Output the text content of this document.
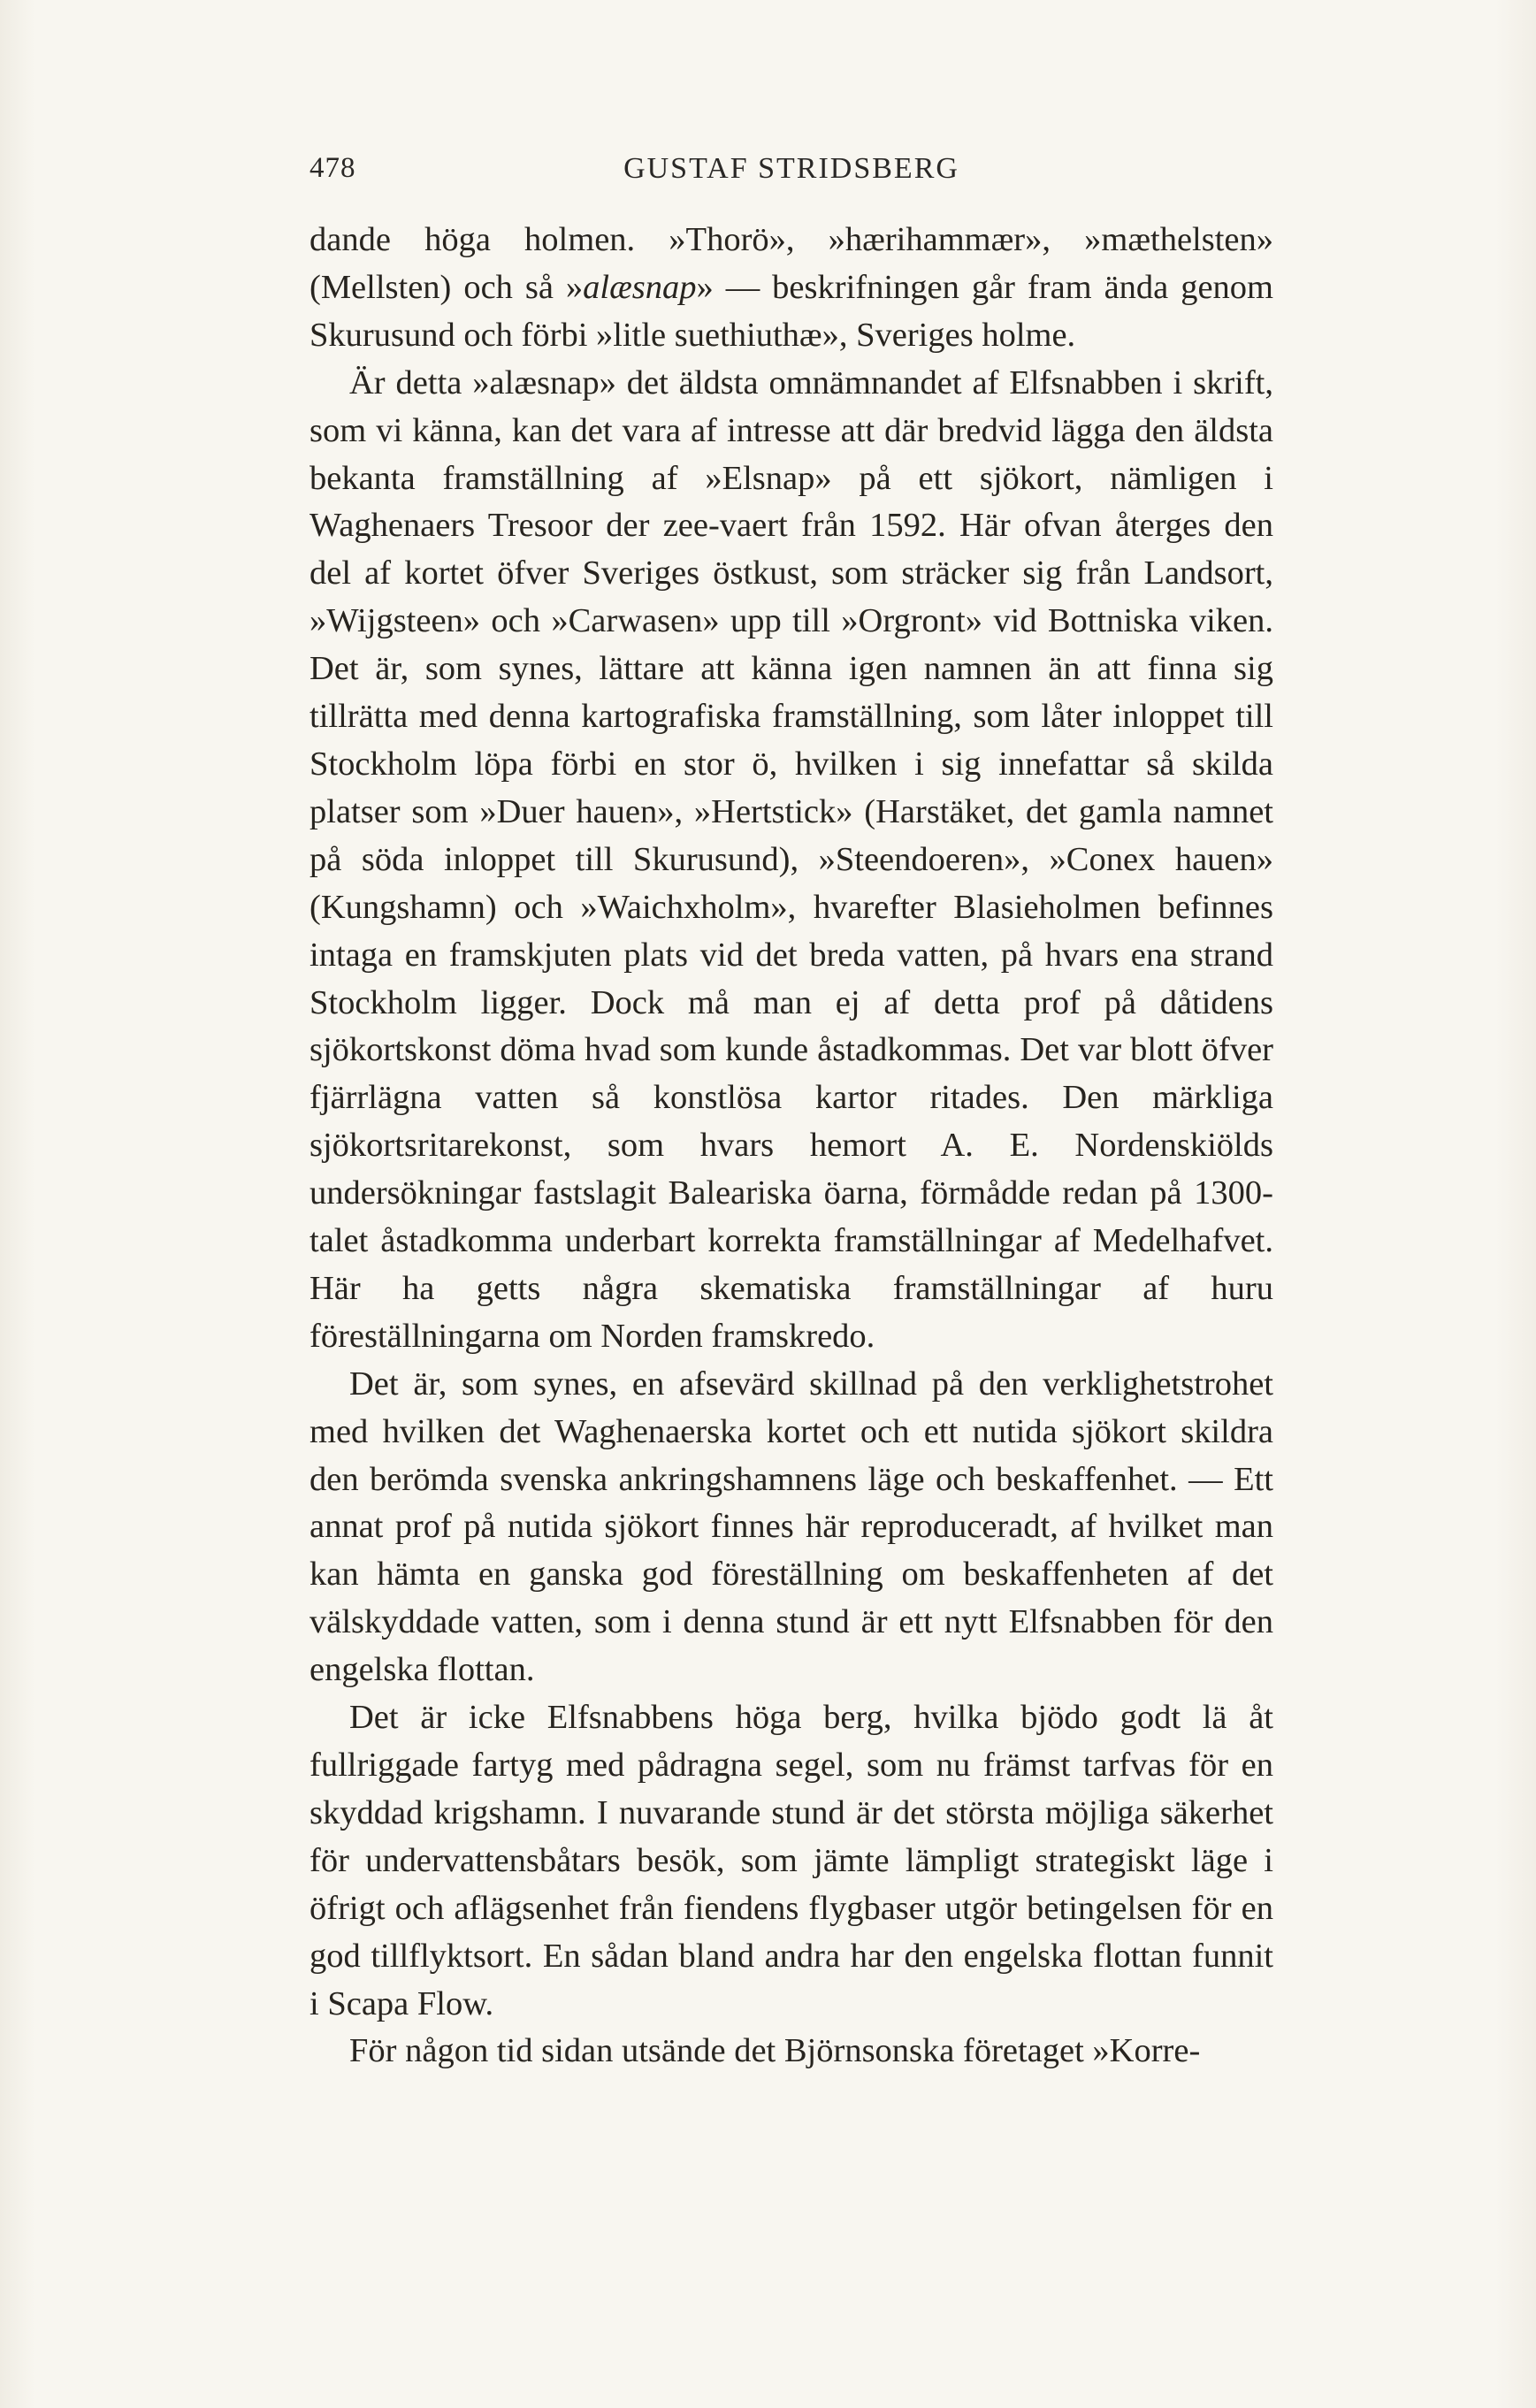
478	GUSTAF STRIDSBERG

dande höga holmen. »Thorö», »hærihammær», »mæthelsten» (Mellsten) och så »alæsnap» — beskrifningen går fram ända genom Skurusund och förbi »litle suethiuthæ», Sveriges holme.

Är detta »alæsnap» det äldsta omnämnandet af Elfsnabben i skrift, som vi känna, kan det vara af intresse att där bredvid lägga den äldsta bekanta framställning af »Elsnap» på ett sjökort, nämligen i Waghenaers Tresoor der zee-vaert från 1592. Här ofvan återges den del af kortet öfver Sveriges östkust, som sträcker sig från Landsort, »Wijgsteen» och »Carwasen» upp till »Orgront» vid Bottniska viken. Det är, som synes, lättare att känna igen namnen än att finna sig tillrätta med denna kartografiska framställning, som låter inloppet till Stockholm löpa förbi en stor ö, hvilken i sig innefattar så skilda platser som »Duer hauen», »Hertstick» (Harstäket, det gamla namnet på söda inloppet till Skurusund), »Steendoeren», »Conex hauen» (Kungshamn) och »Waichxholm», hvarefter Blasieholmen befinnes intaga en framskjuten plats vid det breda vatten, på hvars ena strand Stockholm ligger. Dock må man ej af detta prof på dåtidens sjökortskonst döma hvad som kunde åstadkommas. Det var blott öfver fjärrlägna vatten så konstlösa kartor ritades. Den märkliga sjökortsritarekonst, som hvars hemort A. E. Nordenskiölds undersökningar fastslagit Baleariska öarna, förmådde redan på 1300-talet åstadkomma underbart korrekta framställningar af Medelhafvet. Här ha getts några skematiska framställningar af huru föreställningarna om Norden framskredo.

Det är, som synes, en afsevärd skillnad på den verklighetstrohet med hvilken det Waghenaerska kortet och ett nutida sjökort skildra den berömda svenska ankringshamnens läge och beskaffenhet. — Ett annat prof på nutida sjökort finnes här reproduceradt, af hvilket man kan hämta en ganska god föreställning om beskaffenheten af det välskyddade vatten, som i denna stund är ett nytt Elfsnabben för den engelska flottan.

Det är icke Elfsnabbens höga berg, hvilka bjödo godt lä åt fullriggade fartyg med pådragna segel, som nu främst tarfvas för en skyddad krigshamn. I nuvarande stund är det största möjliga säkerhet för undervattensbåtars besök, som jämte lämpligt strategiskt läge i öfrigt och aflägsenhet från fiendens flygbaser utgör betingelsen för en god tillflyktsort. En sådan bland andra har den engelska flottan funnit i Scapa Flow.

För någon tid sidan utsände det Björnsonska företaget »Korre-
